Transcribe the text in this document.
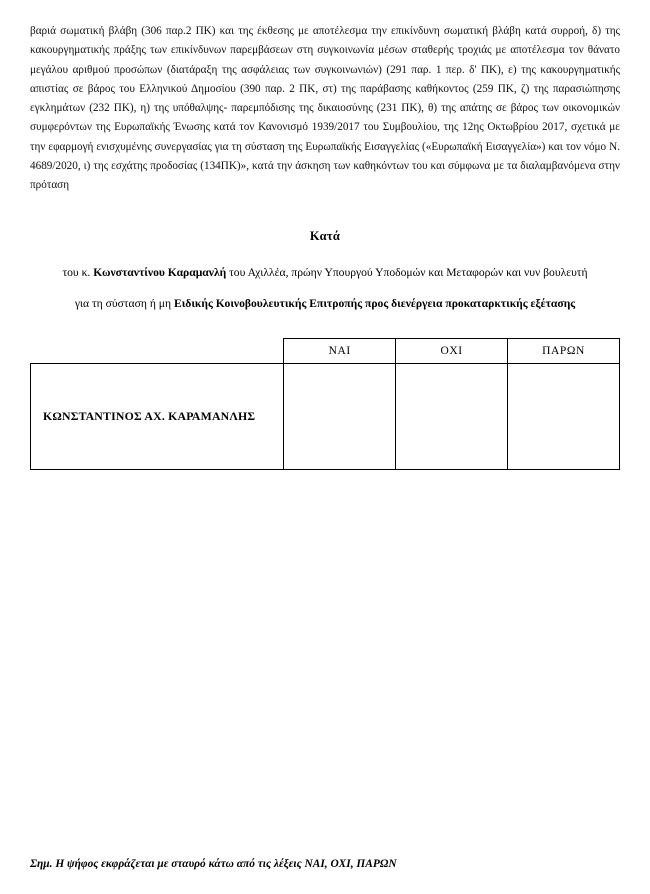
βαριά σωματική βλάβη (306 παρ.2 ΠΚ) και της έκθεσης με αποτέλεσμα την επικίνδυνη σωματική βλάβη κατά συρροή, δ) της κακουργηματικής πράξης των επικίνδυνων παρεμβάσεων στη συγκοινωνία μέσων σταθερής τροχιάς με αποτέλεσμα τον θάνατο μεγάλου αριθμού προσώπων (διατάραξη της ασφάλειας των συγκοινωνιών) (291 παρ. 1 περ. δ' ΠΚ), ε) της κακουργηματικής απιστίας σε βάρος του Ελληνικού Δημοσίου (390 παρ. 2 ΠΚ, στ) της παράβασης καθήκοντος (259 ΠΚ, ζ) της παρασιώπησης εγκλημάτων (232 ΠΚ), η) της υπόθαλψης- παρεμπόδισης της δικαιοσύνης (231 ΠΚ), θ) της απάτης σε βάρος των οικονομικών συμφερόντων της Ευρωπαϊκής Ένωσης κατά τον Κανονισμό 1939/2017 του Συμβουλίου, της 12ης Οκτωβρίου 2017, σχετικά με την εφαρμογή ενισχυμένης συνεργασίας για τη σύσταση της Ευρωπαϊκής Εισαγγελίας («Ευρωπαϊκή Εισαγγελία») και τον νόμο Ν. 4689/2020, ι) της εσχάτης προδοσίας (134ΠΚ)», κατά την άσκηση των καθηκόντων του και σύμφωνα με τα διαλαμβανόμενα στην πρόταση

Κατά
του κ. Κωνσταντίνου Καραμανλή του Αχιλλέα, πρώην Υπουργού Υποδομών και Μεταφορών και νυν βουλευτή
για τη σύσταση ή μη Ειδικής Κοινοβουλευτικής Επιτροπής προς διενέργεια προκαταρκτικής εξέτασης
	ΝΑΙ	ΟΧΙ	ΠΑΡΩΝ
ΚΩΝΣΤΑΝΤΙΝΟΣ ΑΧ. ΚΑΡΑΜΑΝΛΗΣ			
Σημ. Η ψήφος εκφράζεται με σταυρό κάτω από τις λέξεις ΝΑΙ, ΟΧΙ, ΠΑΡΩΝ
